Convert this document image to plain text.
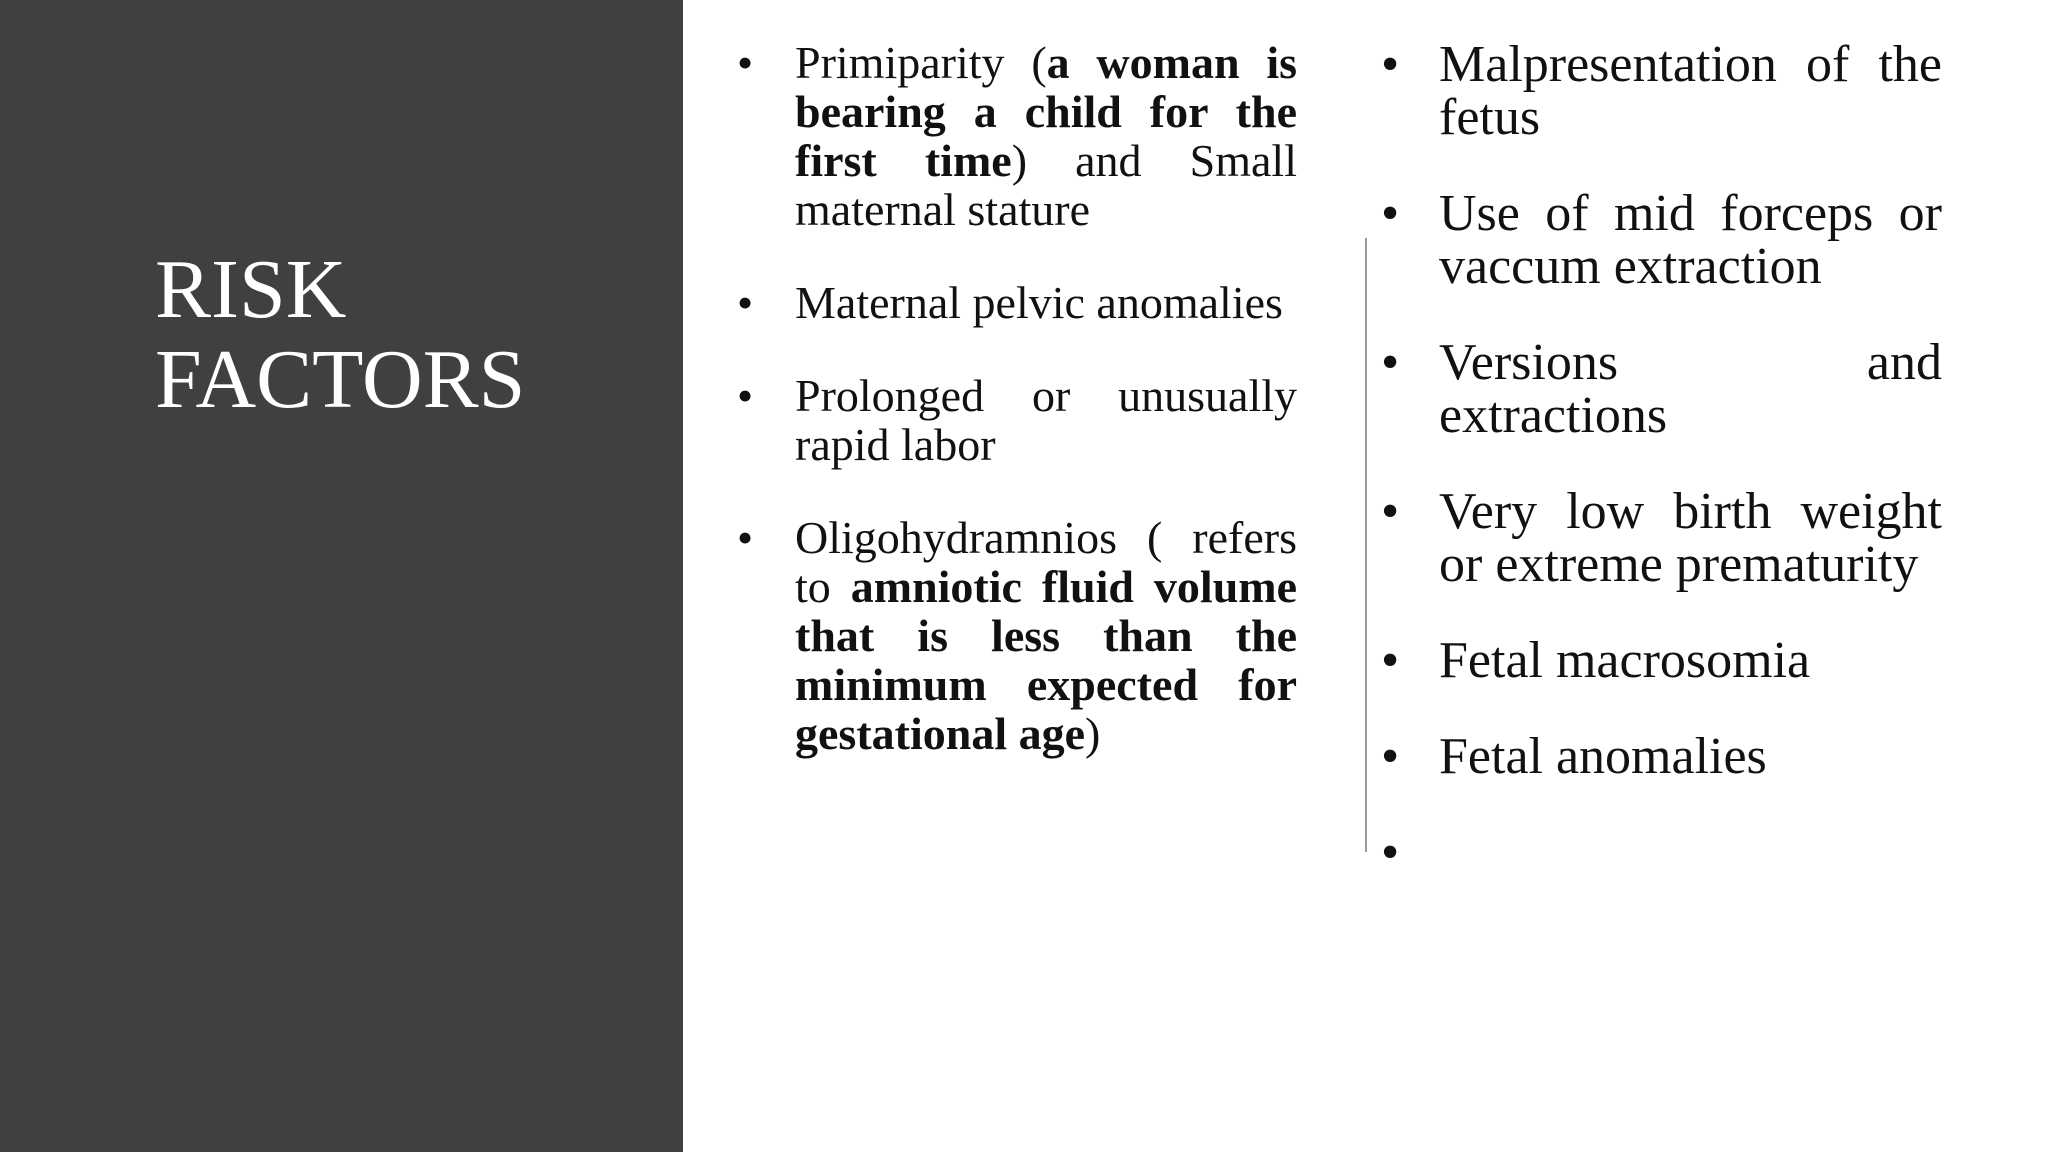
RISK
FACTORS
• Primiparity (a woman is bearing a child for the first time) and Small maternal stature
• Maternal pelvic anomalies
• Prolonged or unusually rapid labor
• Oligohydramnios ( refers to amniotic fluid volume that is less than the minimum expected for gestational age)
• Malpresentation of the fetus
• Use of mid forceps or vaccum extraction
• Versions and extractions
• Very low birth weight or extreme prematurity
• Fetal macrosomia
• Fetal anomalies
•
